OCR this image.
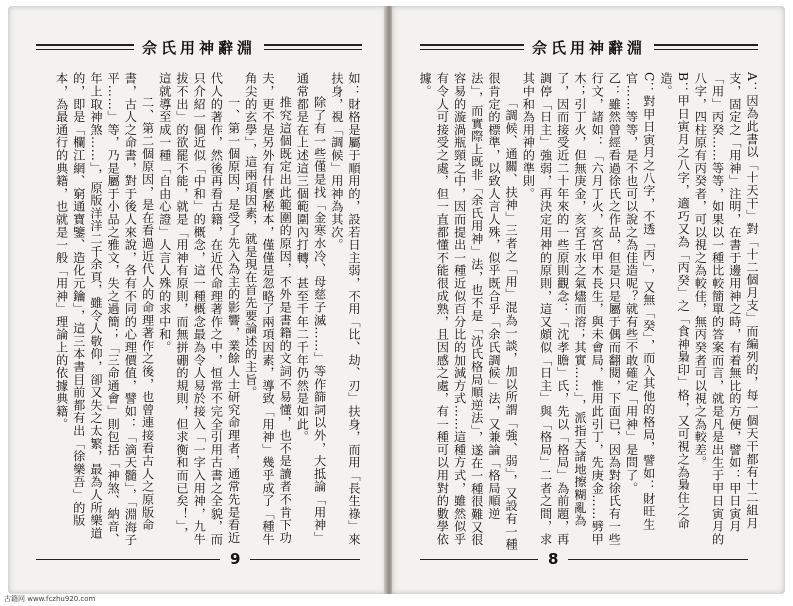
佘氏用神辭淵

如：財格是屬于順用的，設若日主弱，不用「比、劫、刃」扶身，而用「長生祿」來扶身，視「調候」用神為其次。

除了有一些僅是找「金寒水冷、母慈子滅……」等作篩詞以外，大抵論「用神」通常都是在上述這三個範圍內打轉，甚至千年二千年仍然是如此。

推究這個既定出此範圍的原因，不外是書籍的文詞不易懂，也不是讀者不肯下功夫，更不是另外有什麼秘本，僅僅是忽略了兩項因素，導致「用神」幾乎成了「種牛角尖的玄學」，這兩項因素，就是現在首先要論述的主旨。

一、第一個原因，是受了先入為主的影響，業餘人士研究命理者，通常先是看近代人的著作，然後再看古籍，在近代命理著作之中，恒常不完全引用古書之全貌，而只介紹一個近似「中和」的概念，這一種概念最為令人易於接入「一字入用神，九牛拔不出」的欲罷不能，就是「用神有原則，而無拼硼的規則，但求衡和而已矣！」，這就導至成一種「自由心證」人言人殊的求中和。

二、第二個原因，是在看過近代人的命理著作之後，也曾連接看古人之原版命書，古人之命書，對于後人來說，各有不同的心理價值，譬如：「滴天髓」，「淵海子平……」等，乃是屬于小品之雅文，失之過簡；「三命通會」則包括「神煞、納音、年上取神煞……」，原版洋洋二千余頁，雖令人敬仰，卻又失之太繁，最為人所樂道的，即是「欄江網、窮通寶鑒、造化元鑰」，這三本書目前都有出「徐樂吾」的版本，為最通行的典籍，也就是一般「用神」理論上的依據典籍。

9
佘氏用神辭淵

A：因為此書以「十天干」對「十二個月支」而編列的，每一個天干都有十二組月支，固定之「用神」注明，在書于邊用神之時，有着無比的方便，譬如：甲日寅月「用」丙癸……等等，如果以一種比較簡單的答案而言，就是凡是出生于甲日寅月的八字，四柱原有丙癸者，可以視之為較佳，無丙癸者可以視之為較差。

B：甲日寅月之八字，適巧又為「丙癸」之「食神梟印」格，又可視之為梟住之命造。

C：對甲日寅月之八字，不透「丙」，又無「癸」，而入其他的格局，譬如：財旺生官……等等，是不也可以說之為佳造呢？就有些不敢確定「用神」是問了。

乙：雖然曾經看過徐氏之作品，但是只是屬于偶而翻閱，下面已，因為對徐氏有一些行文，諸如：「六月丁火，亥宮甲木長生，與未會局，惟用此引丁，先庚金……劈甲木；引丁火，但無庚金，亥宮壬水之氣燼而溶；其實……」，派指天諸地擦糊亂為了，因而接受近二十年來的一些原則觀念：「沈孝瞻」氏，先以「格局」為前題，再調停「日主」強弱，再決定用神的原則，這又頗似「日主」與「格局」二者之間，求其中和為用神的準則。

「調候、通關、扶神」三者之「用」混為一談，加以所謂「強、弱」，又設有一種很肯定的標準，以致人言人殊，似乎既合乎「余氏調候」法，又兼論「格局順逆法」，而實際上既非「余氏用神」法，也不是「沈氏格局順逆法」，遂在一種很難又很容易的漩渦瓶頸之中，因而提出一種近似百分比的加減方式……這種方式，雖然似乎有令人可接受之處，但一直都懂不能很成熟，且因感之處，有一種可以用對的數學依據。

8
古籍网 www.fczhu920.com
